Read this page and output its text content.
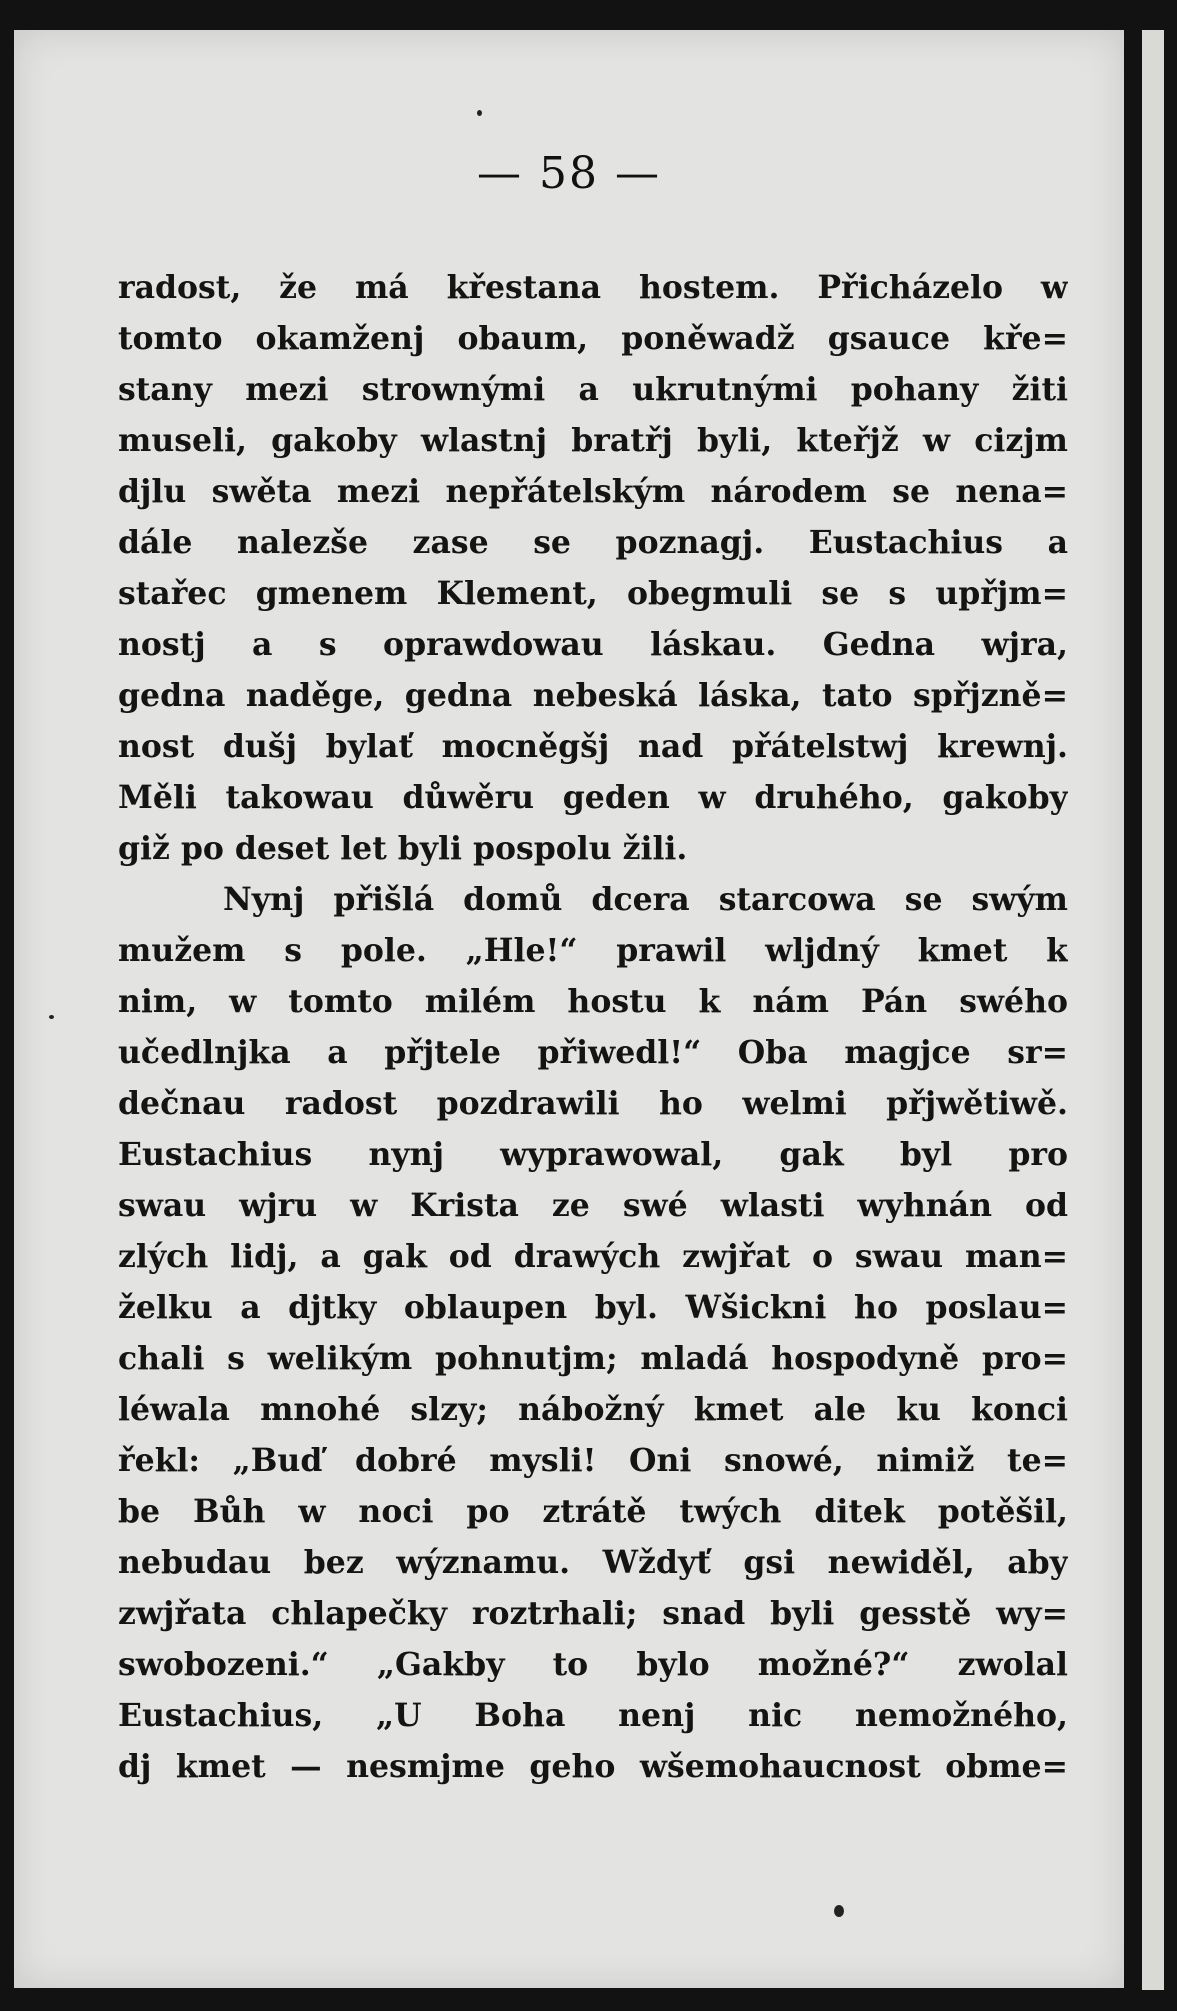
— 58 —
radost, že má křestana hostem. Přicházelo w
tomto okamženj obaum, poněwadž gsauce kře=
stany mezi strownými a ukrutnými pohany žiti
museli, gakoby wlastnj bratřj byli, kteřjž w cizjm
djlu swěta mezi nepřátelským národem se nena=
dále nalezše zase se poznagj. Eustachius a
stařec gmenem Klement, obegmuli se s upřjm=
nostj a s oprawdowau láskau. Gedna wjra,
gedna naděge, gedna nebeská láska, tato spřjzně=
nost dušj bylať mocněgšj nad přátelstwj krewnj.
Měli takowau důwěru geden w druhého, gakoby
giž po deset let byli pospolu žili.
Nynj přišlá domů dcera starcowa se swým
mužem s pole. „Hle!“ prawil wljdný kmet k
nim, w tomto milém hostu k nám Pán swého
učedlnjka a přjtele přiwedl!“ Oba magjce sr=
dečnau radost pozdrawili ho welmi přjwětiwě.
Eustachius nynj wyprawowal, gak byl pro
swau wjru w Krista ze swé wlasti wyhnán od
zlých lidj, a gak od drawých zwjřat o swau man=
želku a djtky oblaupen byl. Wšickni ho poslau=
chali s welikým pohnutjm; mladá hospodyně pro=
léwala mnohé slzy; nábožný kmet ale ku konci
řekl: „Buď dobré mysli! Oni snowé, nimiž te=
be Bůh w noci po ztrátě twých ditek potěšil,
nebudau bez wýznamu. Wždyť gsi newiděl, aby
zwjřata chlapečky roztrhali; snad byli gesstě wy=
swobozeni.“ „Gakby to bylo možné?“ zwolal
Eustachius, „U Boha nenj nic nemožného,
dj kmet — nesmjme geho wšemohaucnost obme=
